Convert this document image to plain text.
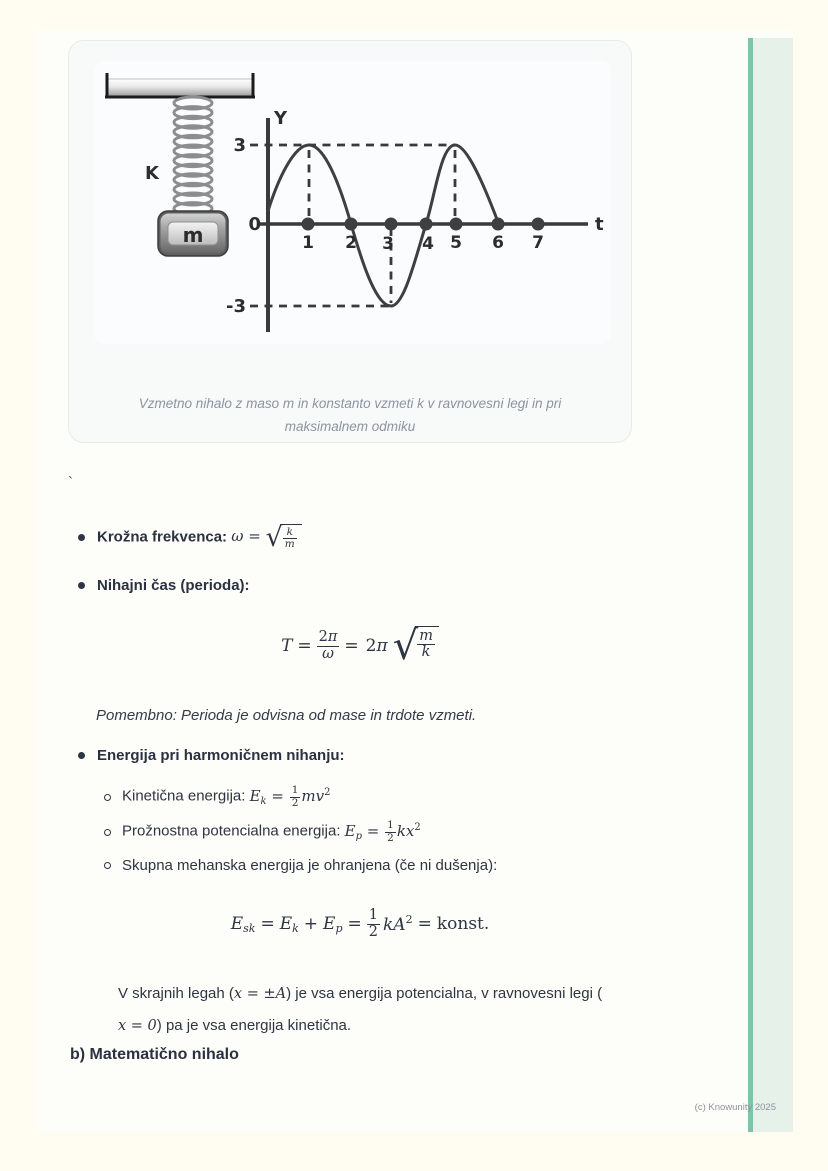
K
m
Y
t
0
3
-3
1 2 3 4 5 6 7
Vzmetno nihalo z maso m in konstanto vzmeti k v ravnovesni legi in pri maksimalnem odmiku
`
Krožna frekvenca: ω = √ $\frac{k}{m}$
Nihajni čas (perioda):
$T = \frac{2\pi}{\omega} = 2\pi$ √ $\frac{m}{k}$
Pomembno: Perioda je odvisna od mase in trdote vzmeti.
Energija pri harmoničnem nihanju:
Kinetična energija: $E_k = \frac{1}{2} mv^2$
Prožnostna potencialna energija: $E_p = \frac{1}{2} kx^2$
Skupna mehanska energija je ohranjena (če ni dušenja):
$E_{sk} = E_k + E_p = \frac{1}{2} kA^2$ = konst.
V skrajnih legah (x = ±A) je vsa energija potencialna, v ravnovesni legi (
x = 0) pa je vsa energija kinetična.
b) Matematično nihalo
(c) Knowunity 2025
